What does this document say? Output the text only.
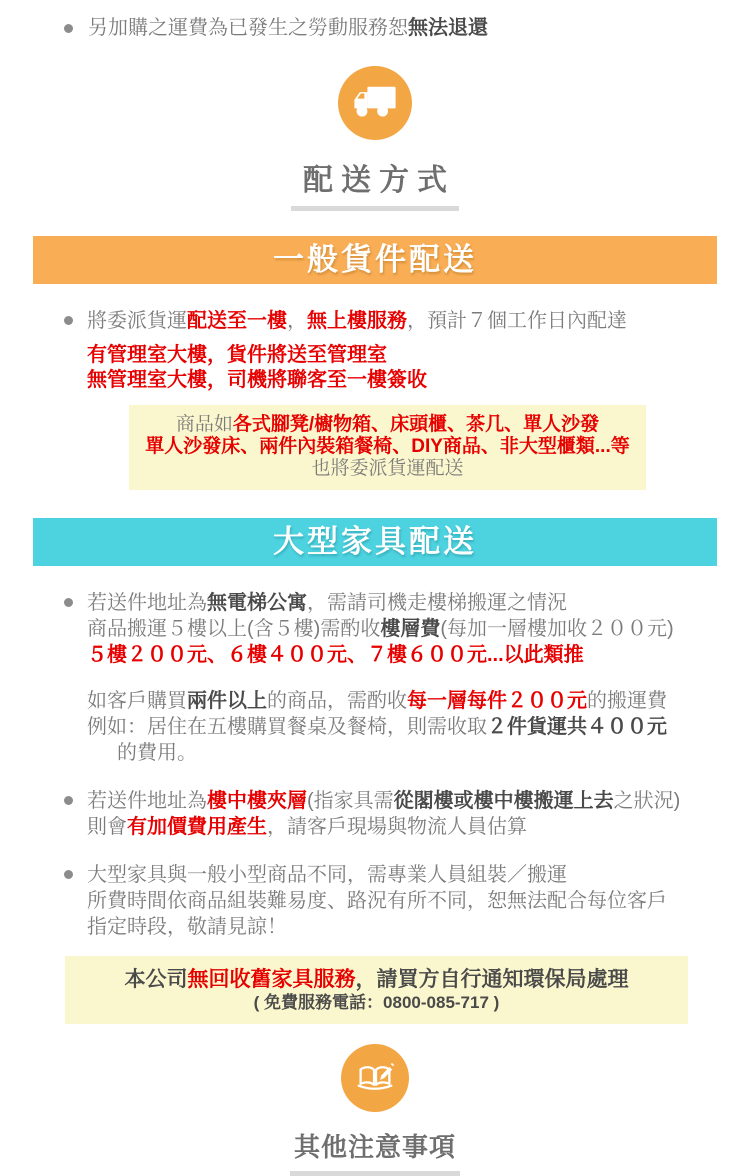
另加購之運費為已發生之勞動服務恕無法退還
配送方式
一般貨件配送
將委派貨運配送至一樓，無上樓服務，預計７個工作日內配達
有管理室大樓，貨件將送至管理室
無管理室大樓，司機將聯客至一樓簽收
商品如各式腳凳/櫥物箱、床頭櫃、茶几、單人沙發
單人沙發床、兩件內裝箱餐椅、DIY商品、非大型櫃類...等
也將委派貨運配送
大型家具配送
若送件地址為無電梯公寓，需請司機走樓梯搬運之情況
商品搬運５樓以上(含５樓)需酌收樓層費(每加一層樓加收２００元)
５樓２００元、６樓４００元、７樓６００元...以此類推
如客戶購買兩件以上的商品，需酌收每一層每件２００元的搬運費
例如：居住在五樓購買餐桌及餐椅，則需收取２件貨運共４００元
的費用。
若送件地址為樓中樓夾層(指家具需從閣樓或樓中樓搬運上去之狀況)
則會有加價費用產生，請客戶現場與物流人員估算
大型家具與一般小型商品不同，需專業人員組裝／搬運
所費時間依商品組裝難易度、路況有所不同，恕無法配合每位客戶
指定時段，敬請見諒！
本公司無回收舊家具服務，請買方自行通知環保局處理
( 免費服務電話：0800-085-717 )
其他注意事項
